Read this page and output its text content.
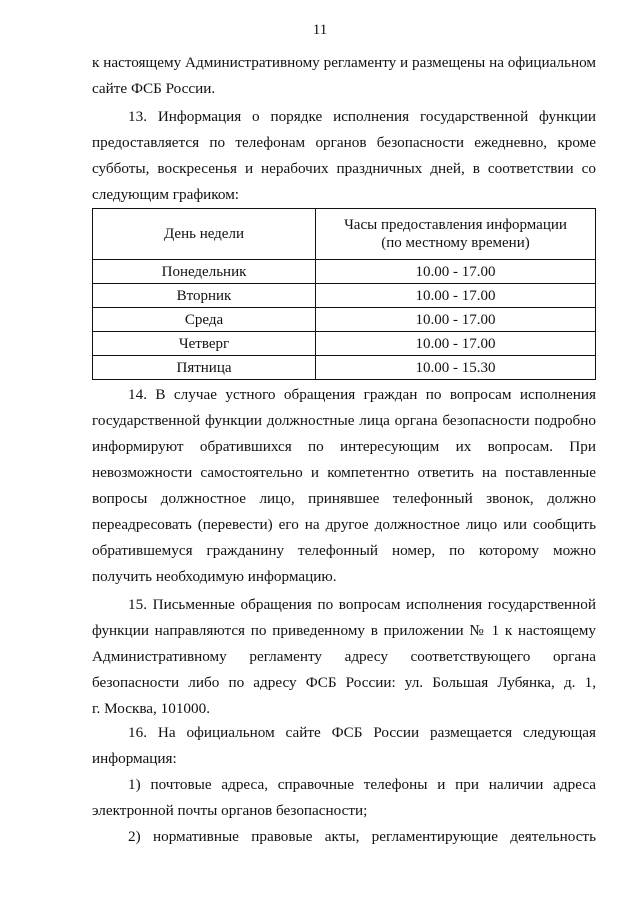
11

к настоящему Административному регламенту и размещены на официальном

сайте ФСБ России.

13. Информация о порядке исполнения государственной функции

предоставляется по телефонам органов безопасности ежедневно, кроме

субботы, воскресенья и нерабочих праздничных дней, в соответствии со

следующим графиком:

День недели	Часы предоставления информации
(по местному времени)

Понедельник	10.00 - 17.00
Вторник	10.00 - 17.00
Среда	10.00 - 17.00
Четверг	10.00 - 17.00
Пятница	10.00 - 15.30

14. В случае устного обращения граждан по вопросам исполнения

государственной функции должностные лица органа безопасности подробно

информируют обратившихся по интересующим их вопросам. При

невозможности самостоятельно и компетентно ответить на поставленные

вопросы должностное лицо, принявшее телефонный звонок, должно

переадресовать (перевести) его на другое должностное лицо или сообщить

обратившемуся гражданину телефонный номер, по которому можно

получить необходимую информацию.

15. Письменные обращения по вопросам исполнения государственной

функции направляются по приведенному в приложении № 1 к настоящему

Административному регламенту адресу соответствующего органа

безопасности либо по адресу ФСБ России: ул. Большая Лубянка, д. 1,

г. Москва, 101000.

16. На официальном сайте ФСБ России размещается следующая

информация:

1) почтовые адреса, справочные телефоны и при наличии адреса

электронной почты органов безопасности;

2) нормативные правовые акты, регламентирующие деятельность
